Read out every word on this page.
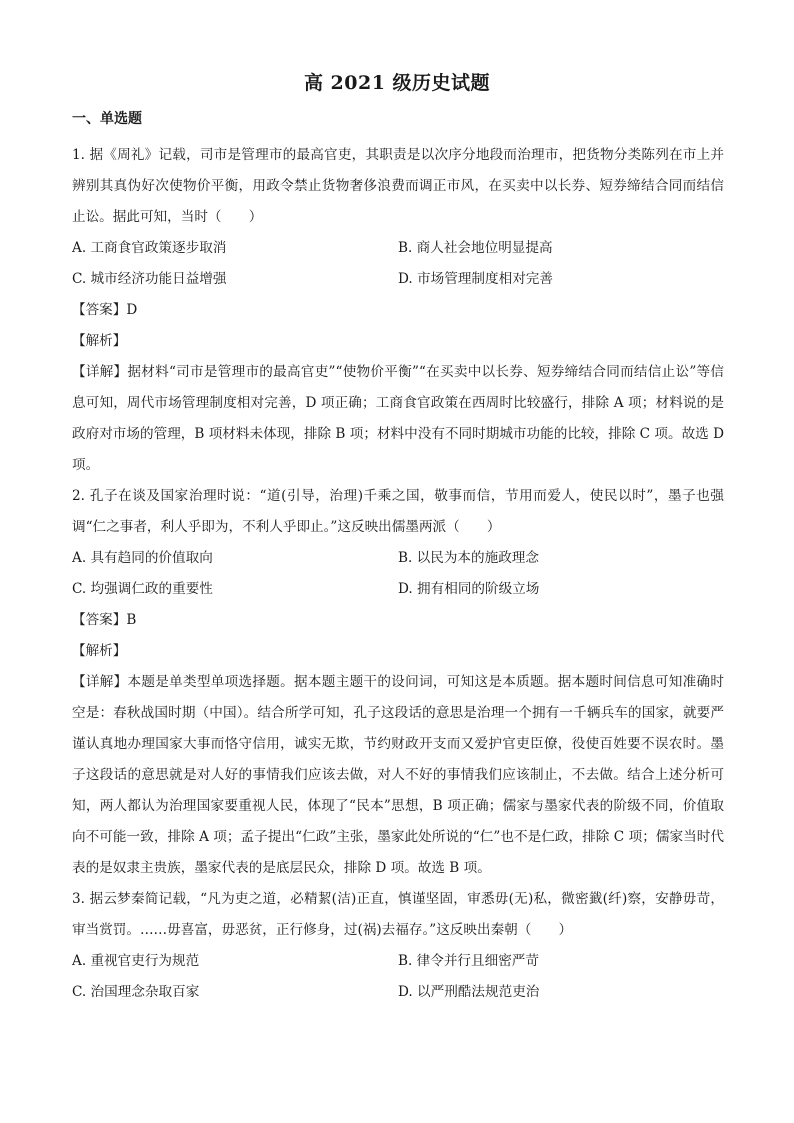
高 2021 级历史试题
一、单选题

1. 据《周礼》记载，司市是管理市的最高官吏，其职责是以次序分地段而治理市，把货物分类陈列在市上并辨别其真伪好次使物价平衡，用政令禁止货物奢侈浪费而调正市风，在买卖中以长券、短券缔结合同而结信止讼。据此可知，当时（　　）

A. 工商食官政策逐步取消	B. 商人社会地位明显提高
C. 城市经济功能日益增强	D. 市场管理制度相对完善

【答案】D

【解析】

【详解】据材料“司市是管理市的最高官吏”“使物价平衡”“在买卖中以长券、短券缔结合同而结信止讼”等信息可知，周代市场管理制度相对完善，D 项正确；工商食官政策在西周时比较盛行，排除 A 项；材料说的是政府对市场的管理，B 项材料未体现，排除 B 项；材料中没有不同时期城市功能的比较，排除 C 项。故选 D 项。

2. 孔子在谈及国家治理时说：“道(引导，治理)千乘之国，敬事而信，节用而爱人，使民以时”，墨子也强调“仁之事者，利人乎即为，不利人乎即止。”这反映出儒墨两派（　　）

A. 具有趋同的价值取向	B. 以民为本的施政理念
C. 均强调仁政的重要性	D. 拥有相同的阶级立场

【答案】B

【解析】

【详解】本题是单类型单项选择题。据本题主题干的设问词，可知这是本质题。据本题时间信息可知准确时空是：春秋战国时期（中国）。结合所学可知，孔子这段话的意思是治理一个拥有一千辆兵车的国家，就要严谨认真地办理国家大事而恪守信用，诚实无欺，节约财政开支而又爱护官吏臣僚，役使百姓要不误农时。墨子这段话的意思就是对人好的事情我们应该去做，对人不好的事情我们应该制止，不去做。结合上述分析可知，两人都认为治理国家要重视人民，体现了“民本”思想，B 项正确；儒家与墨家代表的阶级不同，价值取向不可能一致，排除 A 项；孟子提出“仁政”主张，墨家此处所说的“仁”也不是仁政，排除 C 项；儒家当时代表的是奴隶主贵族，墨家代表的是底层民众，排除 D 项。故选 B 项。

3. 据云梦秦简记载，“凡为吏之道，必精絜(洁)正直，慎谨坚固，审悉毋(无)私，微密韱(纤)察，安静毋苛，审当赏罚。……毋喜富，毋恶贫，正行修身，过(祸)去福存。”这反映出秦朝（　　）

A. 重视官吏行为规范	B. 律令并行且细密严苛
C. 治国理念杂取百家	D. 以严刑酷法规范吏治
